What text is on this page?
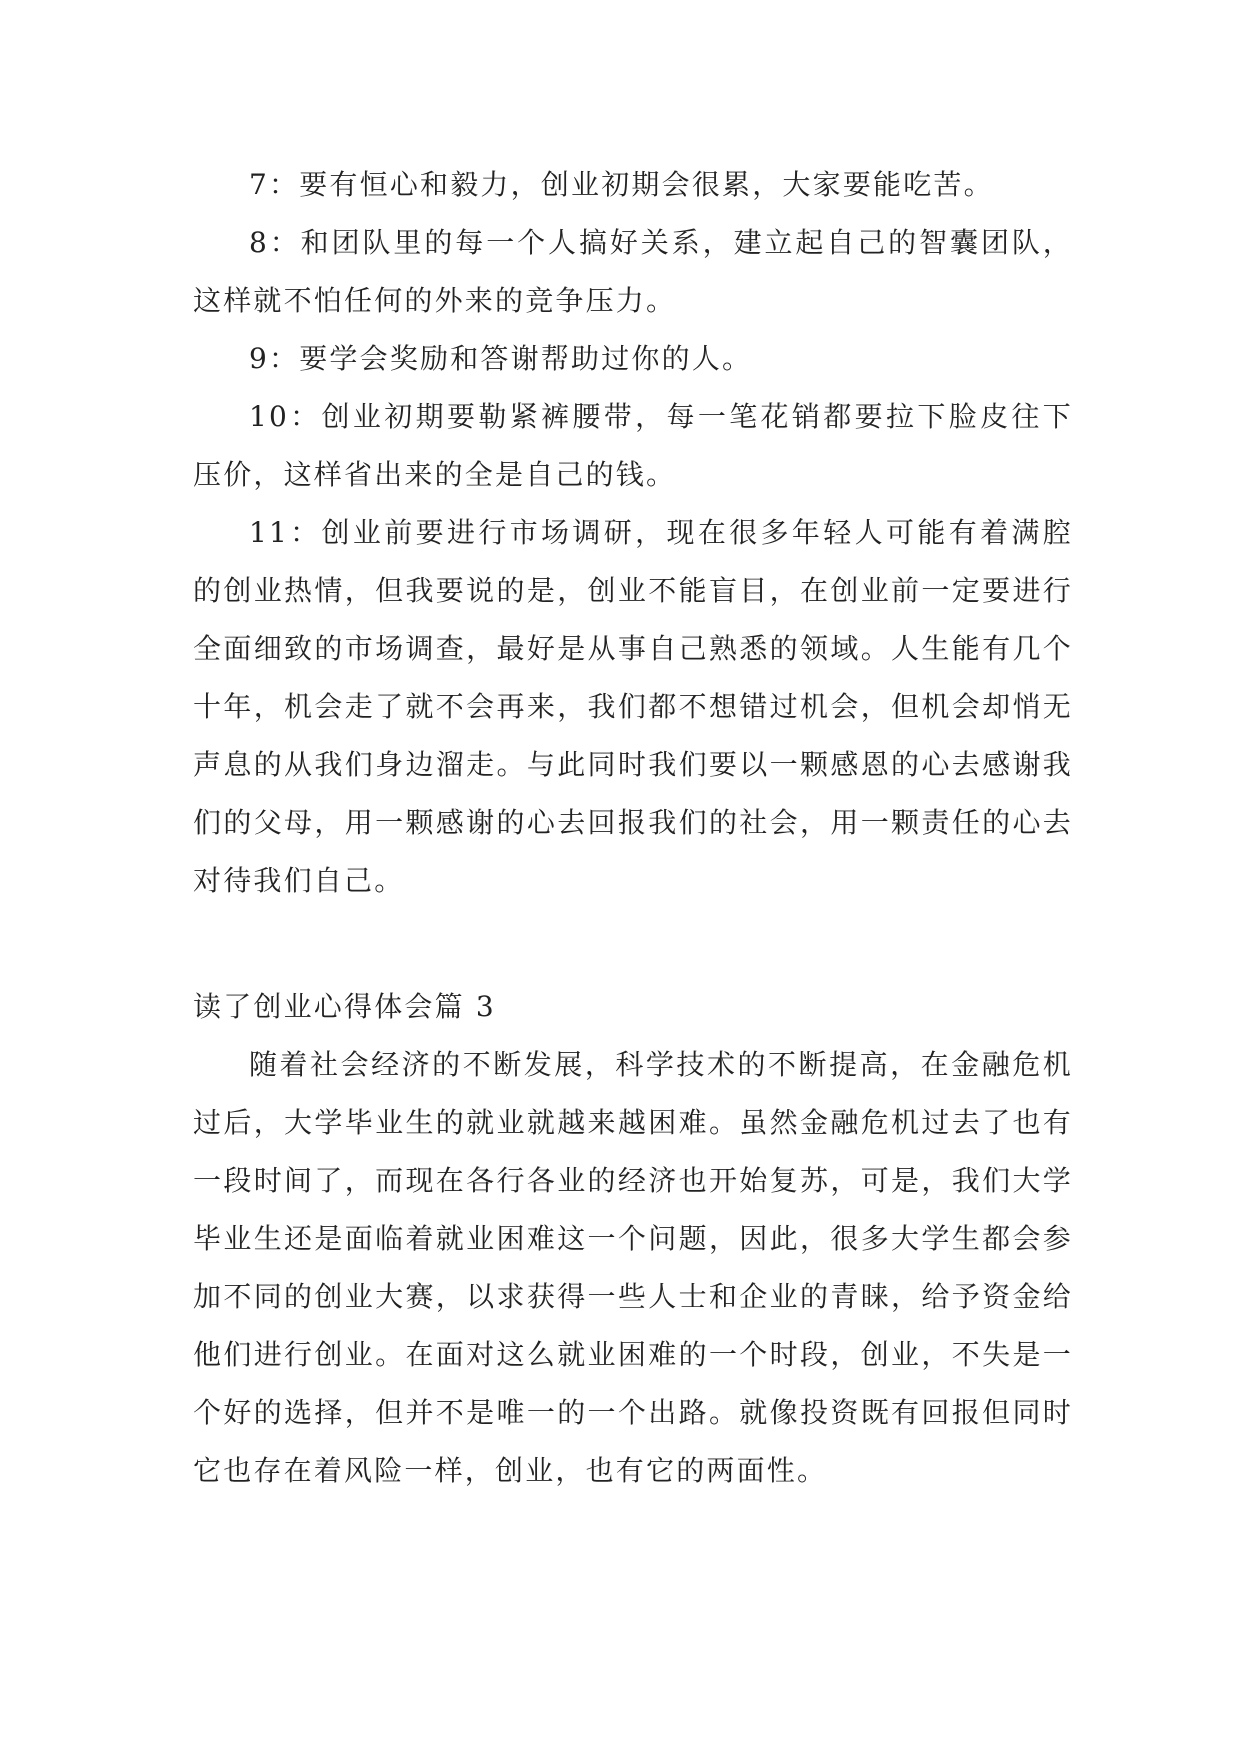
7：要有恒心和毅力，创业初期会很累，大家要能吃苦。

8：和团队里的每一个人搞好关系，建立起自己的智囊团队，这样就不怕任何的外来的竞争压力。

9：要学会奖励和答谢帮助过你的人。

10：创业初期要勒紧裤腰带，每一笔花销都要拉下脸皮往下压价，这样省出来的全是自己的钱。

11：创业前要进行市场调研，现在很多年轻人可能有着满腔的创业热情，但我要说的是，创业不能盲目，在创业前一定要进行全面细致的市场调查，最好是从事自己熟悉的领域。人生能有几个十年，机会走了就不会再来，我们都不想错过机会，但机会却悄无声息的从我们身边溜走。与此同时我们要以一颗感恩的心去感谢我们的父母，用一颗感谢的心去回报我们的社会，用一颗责任的心去对待我们自己。

读了创业心得体会篇 3

随着社会经济的不断发展，科学技术的不断提高，在金融危机过后，大学毕业生的就业就越来越困难。虽然金融危机过去了也有一段时间了，而现在各行各业的经济也开始复苏，可是，我们大学毕业生还是面临着就业困难这一个问题，因此，很多大学生都会参加不同的创业大赛，以求获得一些人士和企业的青睐，给予资金给他们进行创业。在面对这么就业困难的一个时段，创业，不失是一个好的选择，但并不是唯一的一个出路。就像投资既有回报但同时它也存在着风险一样，创业，也有它的两面性。
